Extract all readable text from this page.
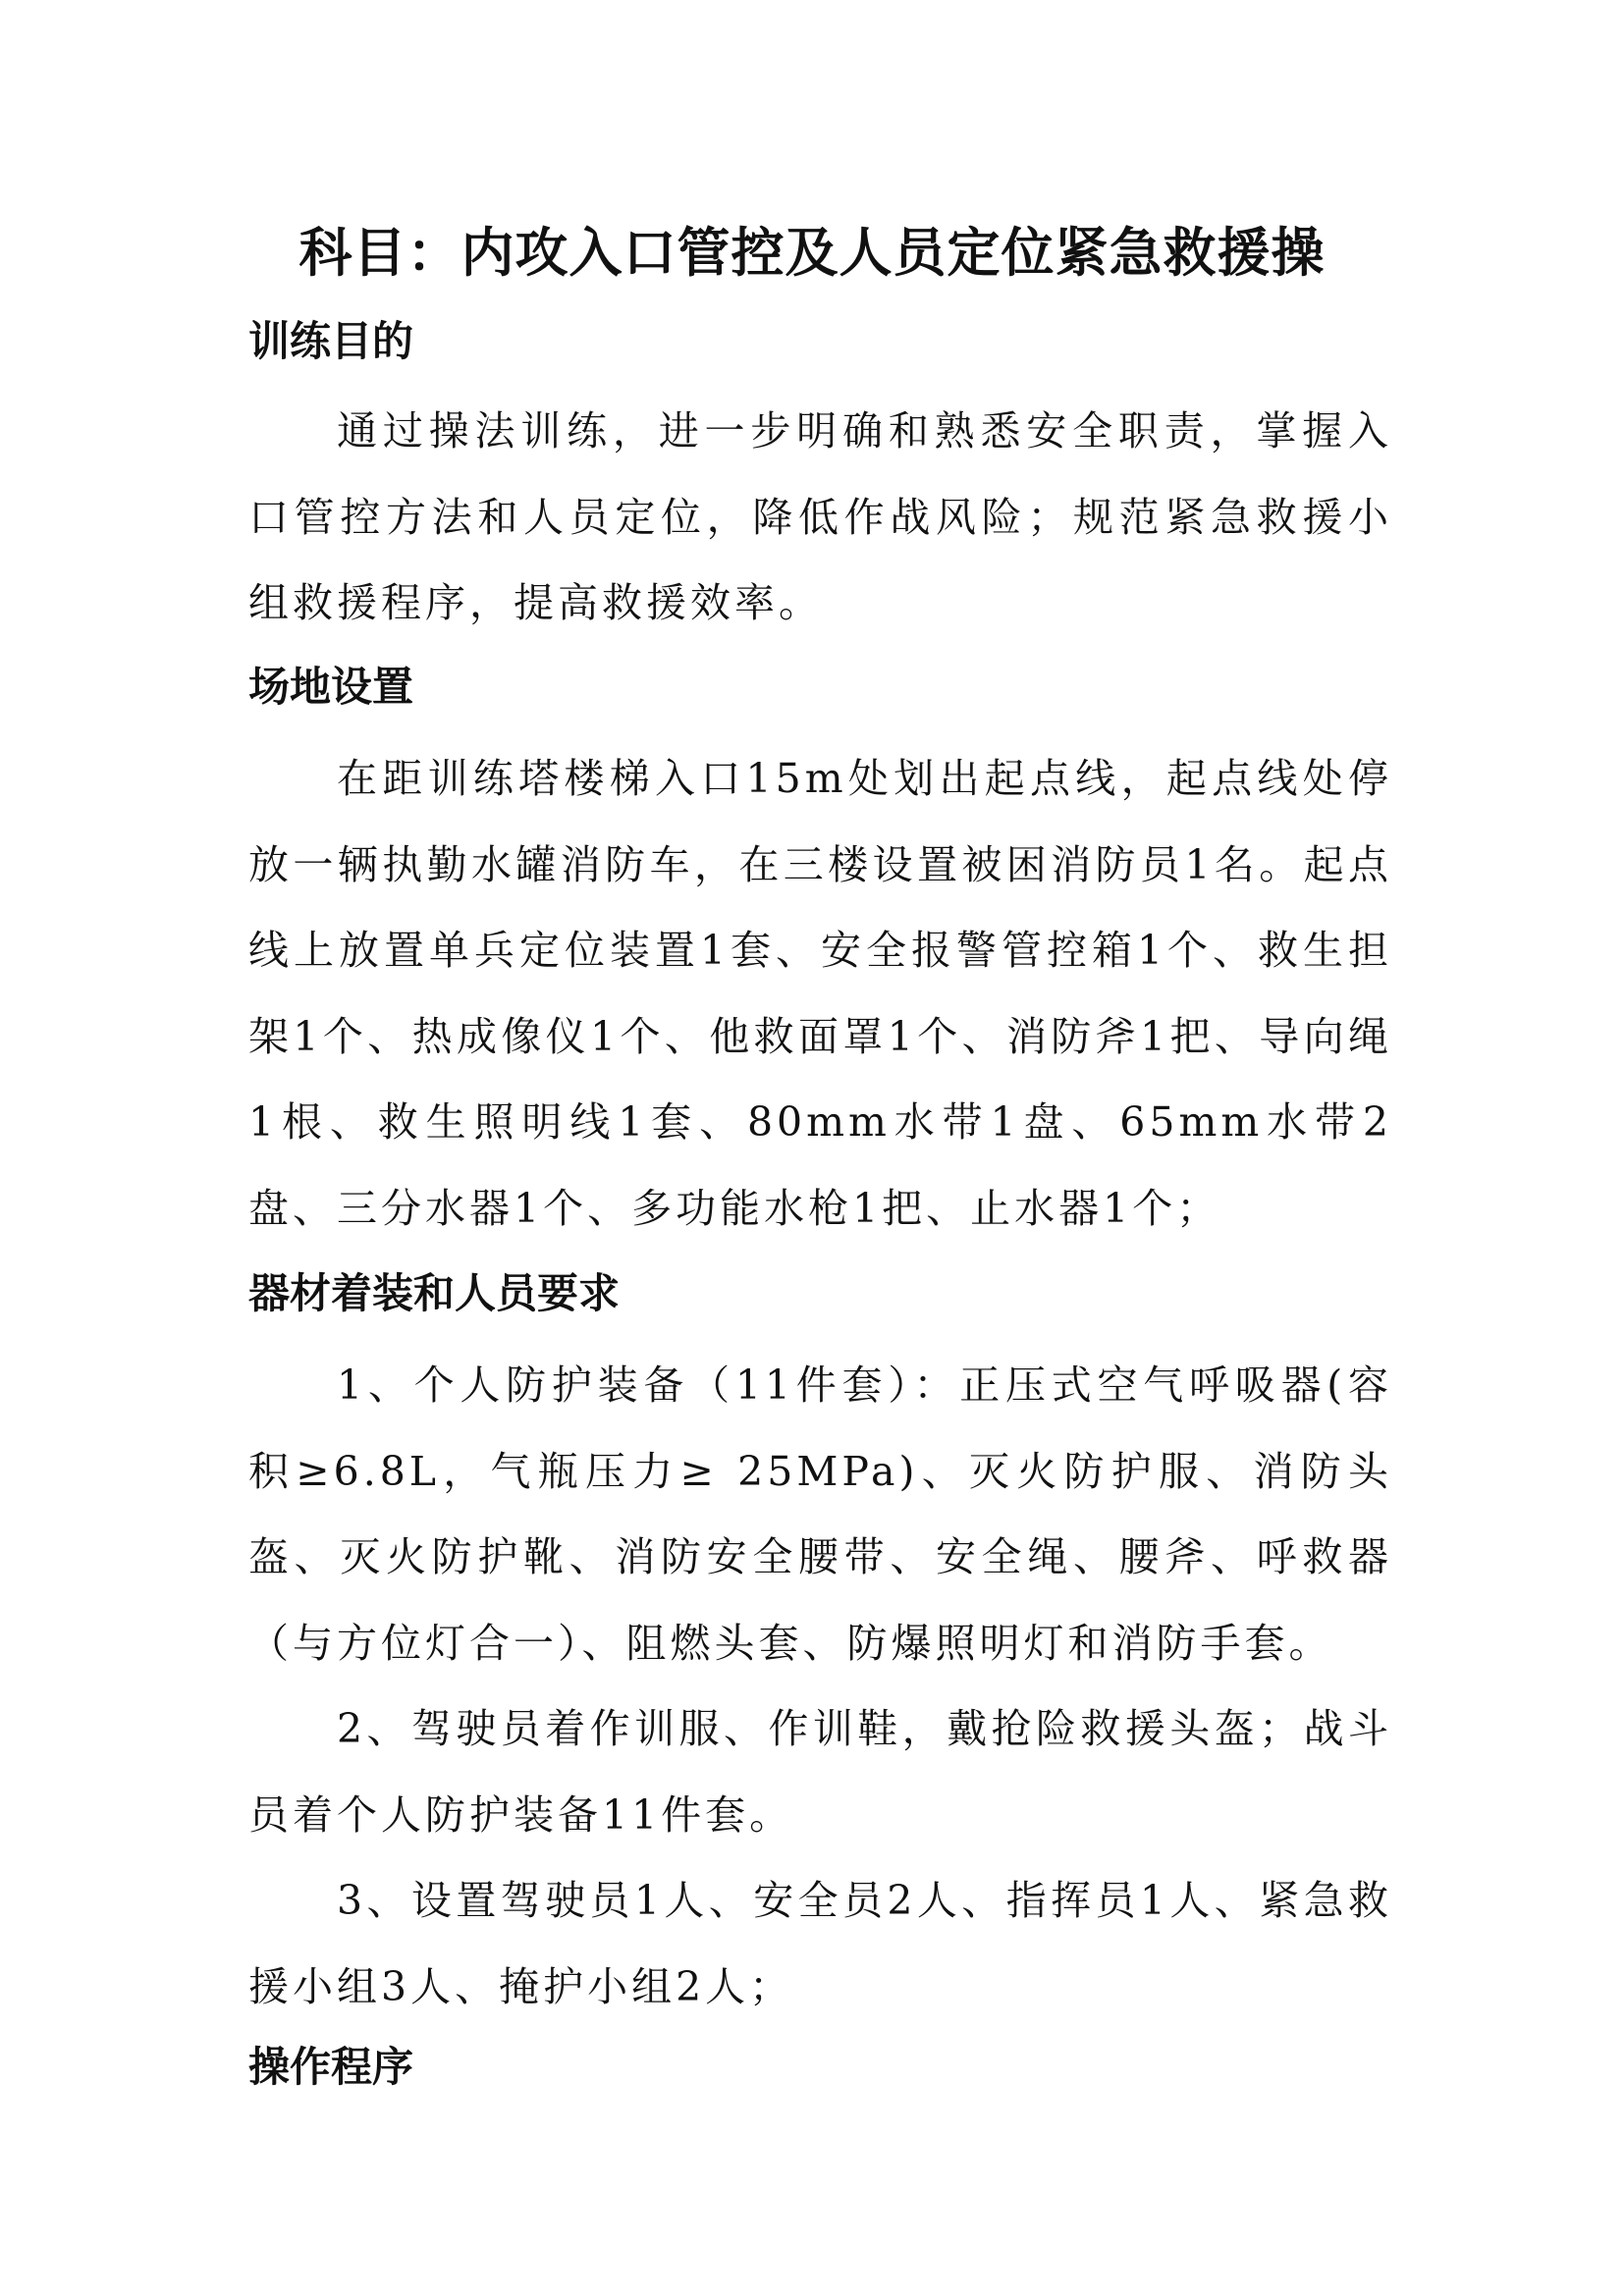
科目：内攻入口管控及人员定位紧急救援操
训练目的
通过操法训练，进一步明确和熟悉安全职责，掌握入口管控方法和人员定位，降低作战风险；规范紧急救援小组救援程序，提高救援效率。
场地设置
在距训练塔楼梯入口15m处划出起点线，起点线处停放一辆执勤水罐消防车，在三楼设置被困消防员1名。起点线上放置单兵定位装置1套、安全报警管控箱1个、救生担架1个、热成像仪1个、他救面罩1个、消防斧1把、导向绳1根、救生照明线1套、80mm水带1盘、65mm水带2盘、三分水器1个、多功能水枪1把、止水器1个；
器材着装和人员要求
1、个人防护装备（11件套）：正压式空气呼吸器(容积≥6.8L，气瓶压力≥ 25MPa)、灭火防护服、消防头盔、灭火防护靴、消防安全腰带、安全绳、腰斧、呼救器（与方位灯合一）、阻燃头套、防爆照明灯和消防手套。
2、驾驶员着作训服、作训鞋，戴抢险救援头盔；战斗员着个人防护装备11件套。
3、设置驾驶员1人、安全员2人、指挥员1人、紧急救援小组3人、掩护小组2人；
操作程序
